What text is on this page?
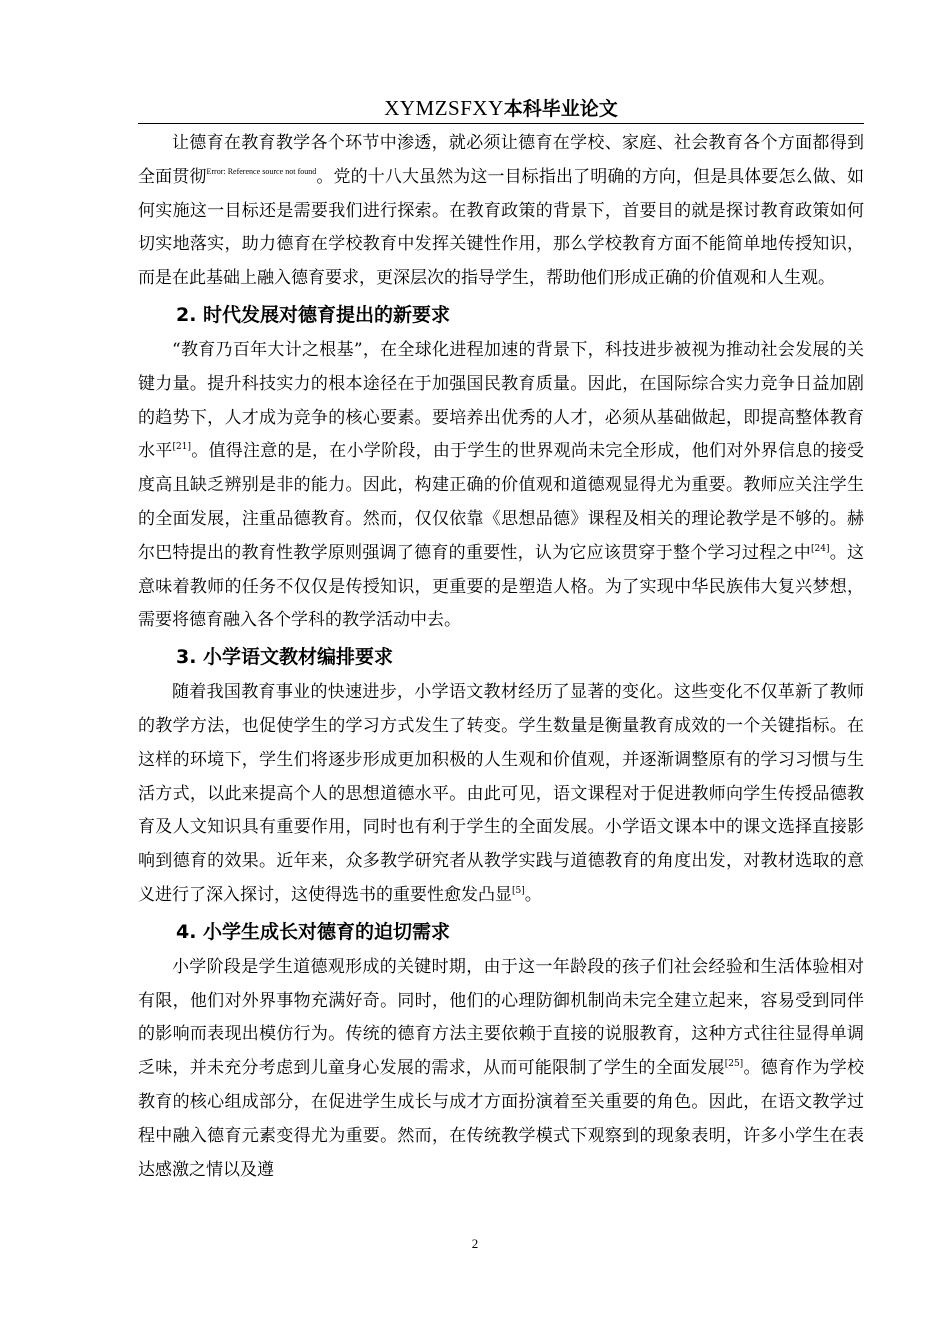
XYMZSFXY本科毕业论文

让德育在教育教学各个环节中渗透，就必须让德育在学校、家庭、社会教育各个方面都得到全面贯彻$^{Error: Reference source not found}$。党的十八大虽然为这一目标指出了明确的方向，但是具体要怎么做、如何实施这一目标还是需要我们进行探索。在教育政策的背景下，首要目的就是探讨教育政策如何切实地落实，助力德育在学校教育中发挥关键性作用，那么学校教育方面不能简单地传授知识，而是在此基础上融入德育要求，更深层次的指导学生，帮助他们形成正确的价值观和人生观。

2. 时代发展对德育提出的新要求

“教育乃百年大计之根基”，在全球化进程加速的背景下，科技进步被视为推动社会发展的关键力量。提升科技实力的根本途径在于加强国民教育质量。因此，在国际综合实力竞争日益加剧的趋势下，人才成为竞争的核心要素。要培养出优秀的人才，必须从基础做起，即提高整体教育水平[21]。值得注意的是，在小学阶段，由于学生的世界观尚未完全形成，他们对外界信息的接受度高且缺乏辨别是非的能力。因此，构建正确的价值观和道德观显得尤为重要。教师应关注学生的全面发展，注重品德教育。然而，仅仅依靠《思想品德》课程及相关的理论教学是不够的。赫尔巴特提出的教育性教学原则强调了德育的重要性，认为它应该贯穿于整个学习过程之中[24]。这意味着教师的任务不仅仅是传授知识，更重要的是塑造人格。为了实现中华民族伟大复兴梦想，需要将德育融入各个学科的教学活动中去。

3. 小学语文教材编排要求

随着我国教育事业的快速进步，小学语文教材经历了显著的变化。这些变化不仅革新了教师的教学方法，也促使学生的学习方式发生了转变。学生数量是衡量教育成效的一个关键指标。在这样的环境下，学生们将逐步形成更加积极的人生观和价值观，并逐渐调整原有的学习习惯与生活方式，以此来提高个人的思想道德水平。由此可见，语文课程对于促进教师向学生传授品德教育及人文知识具有重要作用，同时也有利于学生的全面发展。小学语文课本中的课文选择直接影响到德育的效果。近年来，众多教学研究者从教学实践与道德教育的角度出发，对教材选取的意义进行了深入探讨，这使得选书的重要性愈发凸显[5]。

4. 小学生成长对德育的迫切需求

小学阶段是学生道德观形成的关键时期，由于这一年龄段的孩子们社会经验和生活体验相对有限，他们对外界事物充满好奇。同时，他们的心理防御机制尚未完全建立起来，容易受到同伴的影响而表现出模仿行为。传统的德育方法主要依赖于直接的说服教育，这种方式往往显得单调乏味，并未充分考虑到儿童身心发展的需求，从而可能限制了学生的全面发展[25]。德育作为学校教育的核心组成部分，在促进学生成长与成才方面扮演着至关重要的角色。因此，在语文教学过程中融入德育元素变得尤为重要。然而，在传统教学模式下观察到的现象表明，许多小学生在表达感激之情以及遵

2
